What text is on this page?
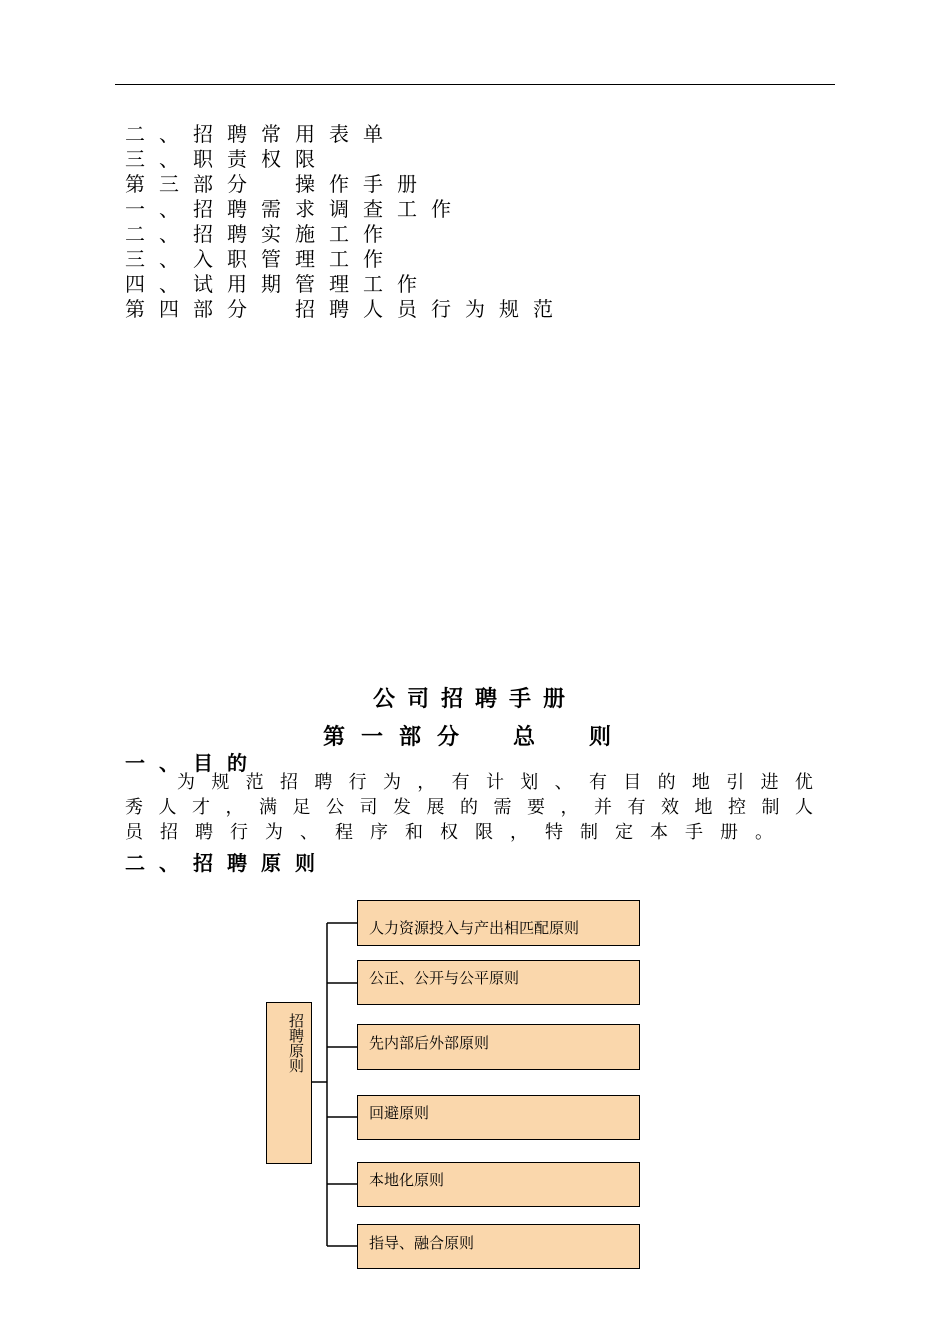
二、招聘常用表单
三、职责权限
第三部分　操作手册
一、招聘需求调查工作
二、招聘实施工作
三、入职管理工作
四、试用期管理工作
第四部分　招聘人员行为规范
公司招聘手册
第一部分　总　则
一、目的
为 规 范 招 聘 行 为 ， 有 计 划 、 有 目 的 地 引 进 优
秀 人 才 ， 满 足 公 司 发 展 的 需 要 ， 并 有 效 地 控 制 人
员 招 聘 行 为 、 程 序 和 权 限 ， 特 制 定 本 手 册 。
二、招聘原则
招聘原则
人力资源投入与产出相匹配原则
公正、公开与公平原则
先内部后外部原则
回避原则
本地化原则
指导、融合原则
